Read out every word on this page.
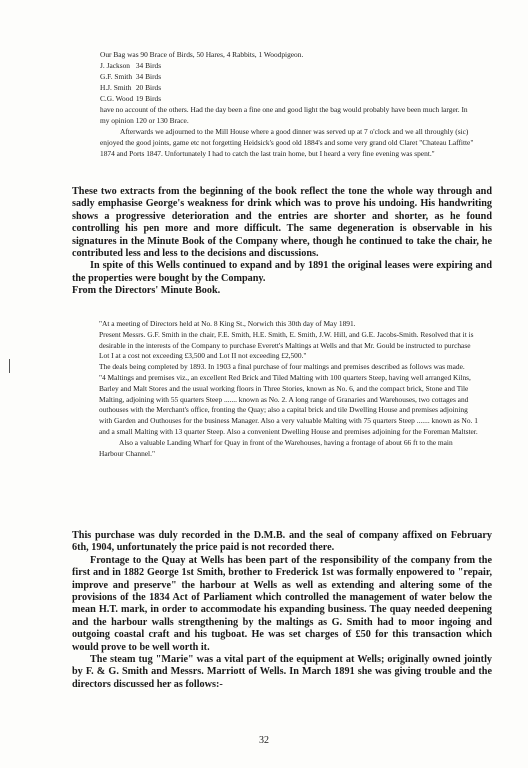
Our Bag was 90 Brace of Birds, 50 Hares, 4 Rabbits, 1 Woodpigeon.

J. Jackson
34 Birds
G.F. Smith
34 Birds
H.J. Smith
20 Birds
C.G. Wood
19 Birds

have no account of the others. Had the day been a fine one and good light the bag would probably have been much larger. In my opinion 120 or 130 Brace.

Afterwards we adjourned to the Mill House where a good dinner was served up at 7 o'clock and we all throughly (sic) enjoyed the good joints, game etc not forgetting Heidsick's good old 1884's and some very grand old Claret "Chateau Laffitte" 1874 and Ports 1847. Unfortunately I had to catch the last train home, but I heard a very fine evening was spent."

These two extracts from the beginning of the book reflect the tone the whole way through and sadly emphasise George's weakness for drink which was to prove his undoing. His handwriting shows a progressive deterioration and the entries are shorter and shorter, as he found controlling his pen more and more difficult. The same degeneration is observable in his signatures in the Minute Book of the Company where, though he continued to take the chair, he contributed less and less to the decisions and discussions.

In spite of this Wells continued to expand and by 1891 the original leases were expiring and the properties were bought by the Company.

From the Directors' Minute Book.

"At a meeting of Directors held at No. 8 King St., Norwich this 30th day of May 1891.

Present Messrs. G.F. Smith in the chair, F.E. Smith, H.E. Smith, E. Smith, J.W. Hill, and G.E. Jacobs-Smith. Resolved that it is desirable in the interests of the Company to purchase Everett's Maltings at Wells and that Mr. Gould be instructed to purchase Lot I at a cost not exceeding £3,500 and Lot II not exceeding £2,500."

The deals being completed by 1893. In 1903 a final purchase of four maltings and premises described as follows was made.

"4 Maltings and premises viz., an excellent Red Brick and Tiled Malting with 100 quarters Steep, having well arranged Kilns, Barley and Malt Stores and the usual working floors in Three Stories, known as No. 6, and the compact brick, Stone and Tile Malting, adjoining with 55 quarters Steep ....... known as No. 2. A long range of Granaries and Warehouses, two cottages and outhouses with the Merchant's office, fronting the Quay; also a capital brick and tile Dwelling House and premises adjoining with Garden and Outhouses for the business Manager. Also a very valuable Malting with 75 quarters Steep ....... known as No. 1 and a small Malting with 13 quarter Steep. Also a convenient Dwelling House and premises adjoining for the Foreman Maltster.

Also a valuable Landing Wharf for Quay in front of the Warehouses, having a frontage of about 66 ft to the main Harbour Channel."

This purchase was duly recorded in the D.M.B. and the seal of company affixed on February 6th, 1904, unfortunately the price paid is not recorded there.

Frontage to the Quay at Wells has been part of the responsibility of the company from the first and in 1882 George 1st Smith, brother to Frederick 1st was formally enpowered to "repair, improve and preserve" the harbour at Wells as well as extending and altering some of the provisions of the 1834 Act of Parliament which controlled the management of water below the mean H.T. mark, in order to accommodate his expanding business. The quay needed deepening and the harbour walls strengthening by the maltings as G. Smith had to moor ingoing and outgoing coastal craft and his tugboat. He was set charges of £50 for this transaction which would prove to be well worth it.

The steam tug "Marie" was a vital part of the equipment at Wells; originally owned jointly by F. & G. Smith and Messrs. Marriott of Wells. In March 1891 she was giving trouble and the directors discussed her as follows:-

32
